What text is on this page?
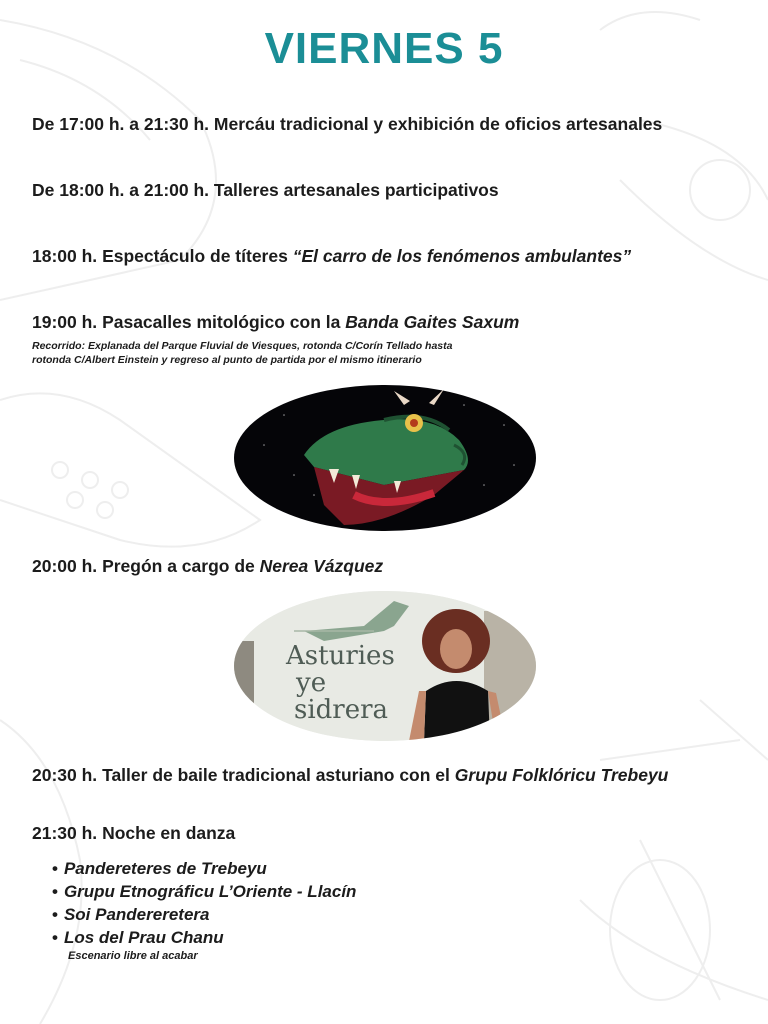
VIERNES 5
De 17:00 h. a 21:30 h. Mercáu tradicional y exhibición de oficios artesanales
De 18:00 h. a 21:00 h. Talleres artesanales participativos
18:00 h. Espectáculo de títeres “El carro de los fenómenos ambulantes”
19:00 h. Pasacalles mitológico con la Banda Gaites Saxum
Recorrido: Explanada del Parque Fluvial de Viesques, rotonda C/Corín Tellado hasta
rotonda C/Albert Einstein y regreso al punto de partida por el mismo itinerario
20:00 h. Pregón a cargo de Nerea Vázquez
Asturies
ye
sidrera
20:30 h. Taller de baile tradicional asturiano con el Grupu Folklóricu Trebeyu
21:30 h. Noche en danza
• Pandereteres de Trebeyu
• Grupu Etnográficu L’Oriente - Llacín
• Soi Pandereretera
• Los del Prau Chanu
Escenario libre al acabar
